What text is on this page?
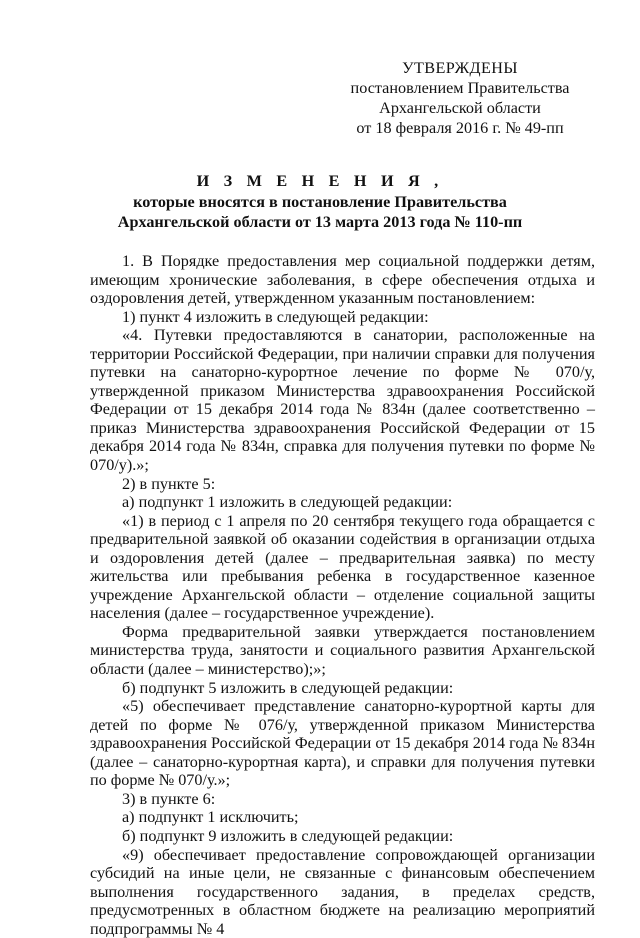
УТВЕРЖДЕНЫ
постановлением Правительства
Архангельской области
от 18 февраля 2016 г. № 49-пп
И З М Е Н Е Н И Я ,
которые вносятся в постановление Правительства
Архангельской области от 13 марта 2013 года № 110-пп

1. В Порядке предоставления мер социальной поддержки детям, имеющим хронические заболевания, в сфере обеспечения отдыха и оздоровления детей, утвержденном указанным постановлением:

1) пункт 4 изложить в следующей редакции:

«4. Путевки предоставляются в санатории, расположенные на территории Российской Федерации, при наличии справки для получения путевки на санаторно-курортное лечение по форме № 070/у, утвержденной приказом Министерства здравоохранения Российской Федерации от 15 декабря 2014 года № 834н (далее соответственно – приказ Министерства здравоохранения Российской Федерации от 15 декабря 2014 года № 834н, справка для получения путевки по форме № 070/у).»;

2) в пункте 5:

а) подпункт 1 изложить в следующей редакции:

«1) в период с 1 апреля по 20 сентября текущего года обращается с предварительной заявкой об оказании содействия в организации отдыха и оздоровления детей (далее – предварительная заявка) по месту жительства или пребывания ребенка в государственное казенное учреждение Архангельской области – отделение социальной защиты населения (далее – государственное учреждение).

Форма предварительной заявки утверждается постановлением министерства труда, занятости и социального развития Архангельской области (далее – министерство);»;

б) подпункт 5 изложить в следующей редакции:

«5) обеспечивает представление санаторно-курортной карты для детей по форме № 076/у, утвержденной приказом Министерства здравоохранения Российской Федерации от 15 декабря 2014 года № 834н (далее – санаторно-курортная карта), и справки для получения путевки по форме № 070/у.»;

3) в пункте 6:

а) подпункт 1 исключить;

б) подпункт 9 изложить в следующей редакции:

«9) обеспечивает предоставление сопровождающей организации субсидий на иные цели, не связанные с финансовым обеспечением выполнения государственного задания, в пределах средств, предусмотренных в областном бюджете на реализацию мероприятий подпрограммы № 4
